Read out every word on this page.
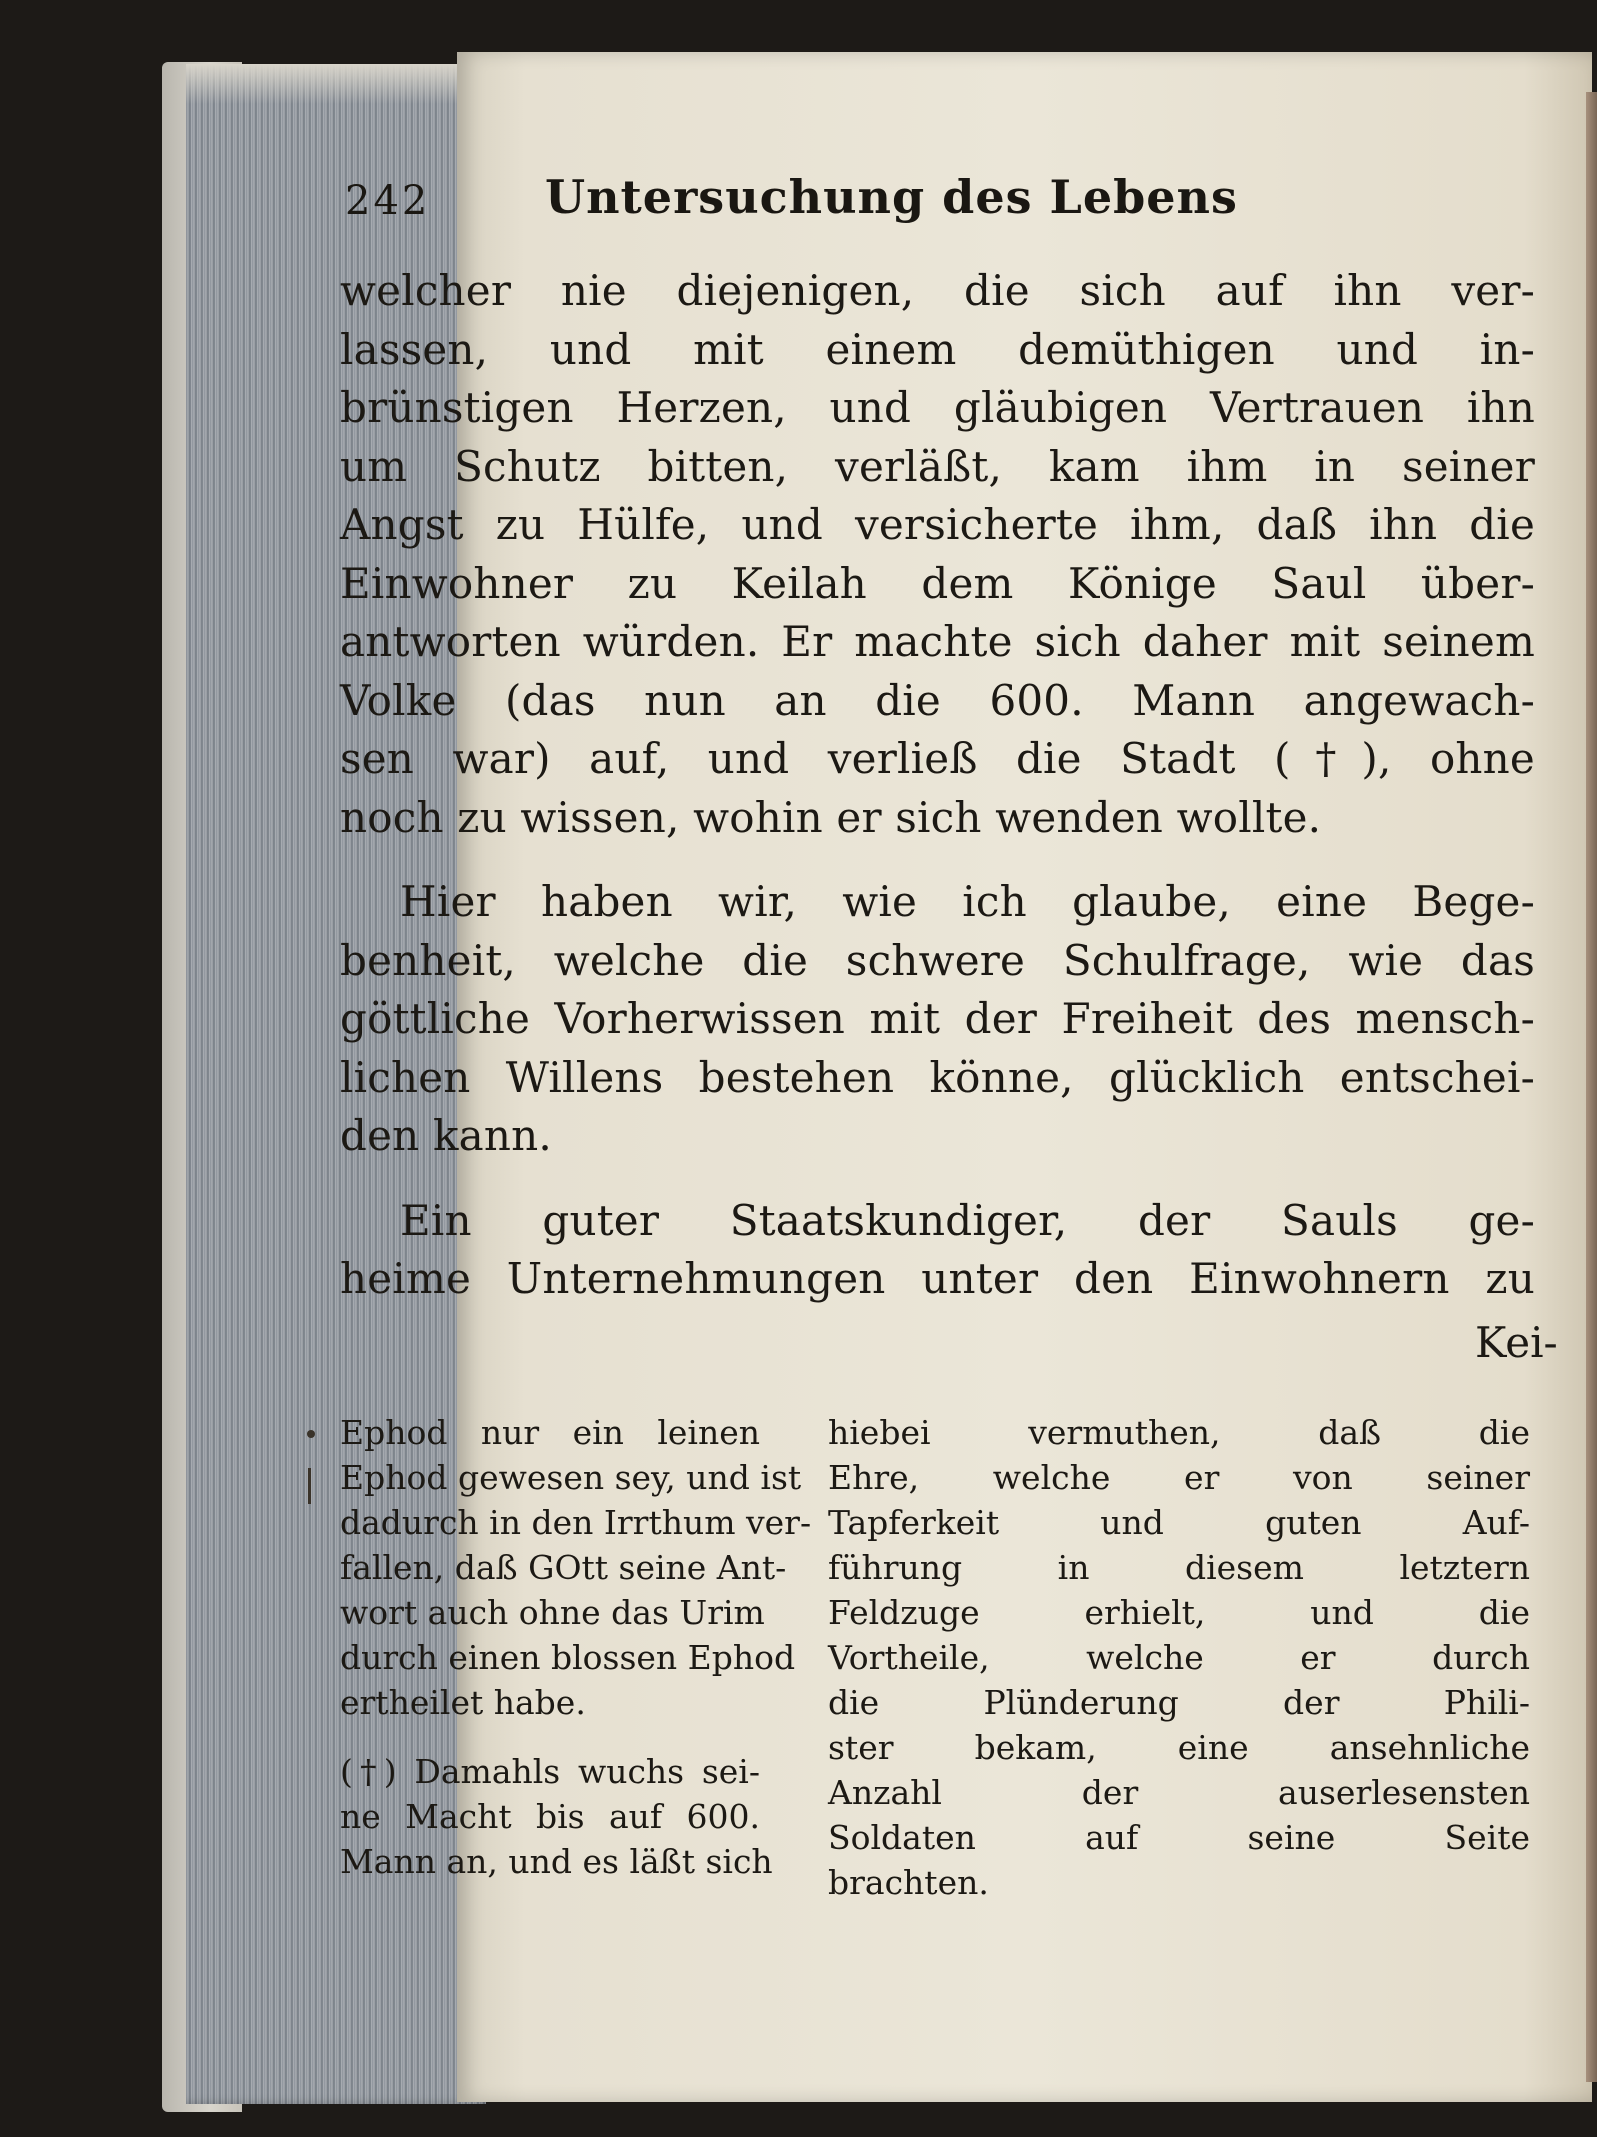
242 Untersuchung des Lebens
welcher nie diejenigen, die sich auf ihn ver-
lassen, und mit einem demüthigen und in-
brünstigen Herzen, und gläubigen Vertrauen ihn
um Schutz bitten, verläßt, kam ihm in seiner
Angst zu Hülfe, und versicherte ihm, daß ihn die
Einwohner zu Keilah dem Könige Saul über-
antworten würden. Er machte sich daher mit seinem
Volke (das nun an die 600. Mann angewach-
sen war) auf, und verließ die Stadt (†), ohne
noch zu wissen, wohin er sich wenden wollte.
Hier haben wir, wie ich glaube, eine Bege-
benheit, welche die schwere Schulfrage, wie das
göttliche Vorherwissen mit der Freiheit des mensch-
lichen Willens bestehen könne, glücklich entschei-
den kann.
Ein guter Staatskundiger, der Sauls ge-
heime Unternehmungen unter den Einwohnern zu
Kei-
Ephod nur ein leinen
Ephod gewesen sey, und ist
dadurch in den Irrthum ver-
fallen, daß GOtt seine Ant-
wort auch ohne das Urim
durch einen blossen Ephod
ertheilet habe.
(†) Damahls wuchs sei-
ne Macht bis auf 600.
Mann an, und es läßt sich
hiebei vermuthen, daß die
Ehre, welche er von seiner
Tapferkeit und guten Auf-
führung in diesem letztern
Feldzuge erhielt, und die
Vortheile, welche er durch
die Plünderung der Phili-
ster bekam, eine ansehnliche
Anzahl der auserlesensten
Soldaten auf seine Seite
brachten.
